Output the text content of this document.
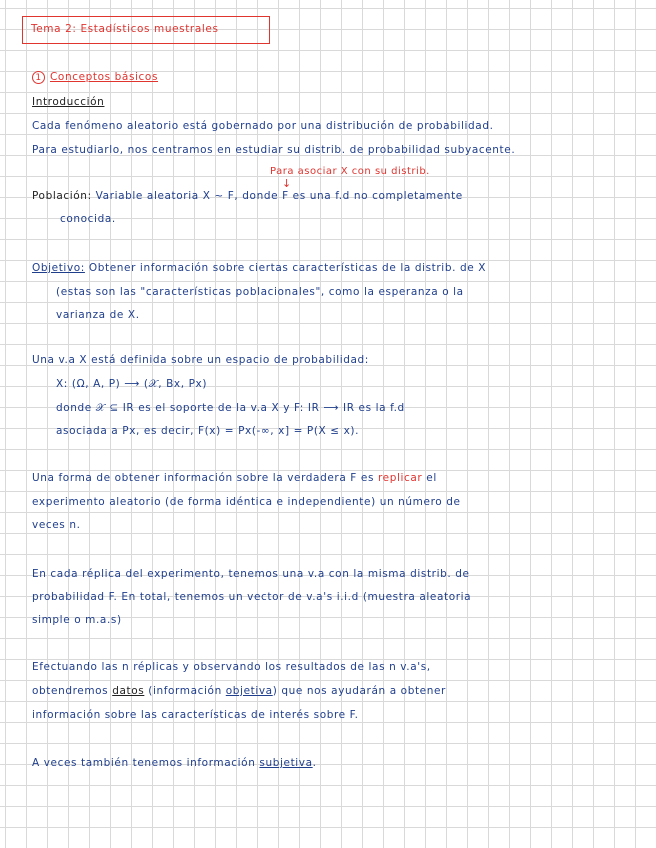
Tema 2: Estadísticos muestrales
1 Conceptos básicos
Introducción
Cada fenómeno aleatorio está gobernado por una distribución de probabilidad.
Para estudiarlo, nos centramos en estudiar su distrib. de probabilidad subyacente.
Para asociar X con su distrib.
↓
Población: Variable aleatoria X ~ F, donde F es una f.d no completamente
conocida.
Objetivo: Obtener información sobre ciertas características de la distrib. de X
(estas son las "características poblacionales", como la esperanza o la
varianza de X.
Una v.a X está definida sobre un espacio de probabilidad:
X: (Ω, A, P) ⟶ (𝒳, Bx, Px)
donde 𝒳 ⊆ IR es el soporte de la v.a X y F: IR ⟶ IR es la f.d
asociada a Px, es decir, F(x) = Px(-∞, x] = P(X ≤ x).
Una forma de obtener información sobre la verdadera F es replicar el
experimento aleatorio (de forma idéntica e independiente) un número de
veces n.
En cada réplica del experimento, tenemos una v.a con la misma distrib. de
probabilidad F. En total, tenemos un vector de v.a's i.i.d (muestra aleatoria
simple o m.a.s)
Efectuando las n réplicas y observando los resultados de las n v.a's,
obtendremos datos (información objetiva) que nos ayudarán a obtener
información sobre las características de interés sobre F.
A veces también tenemos información subjetiva.
